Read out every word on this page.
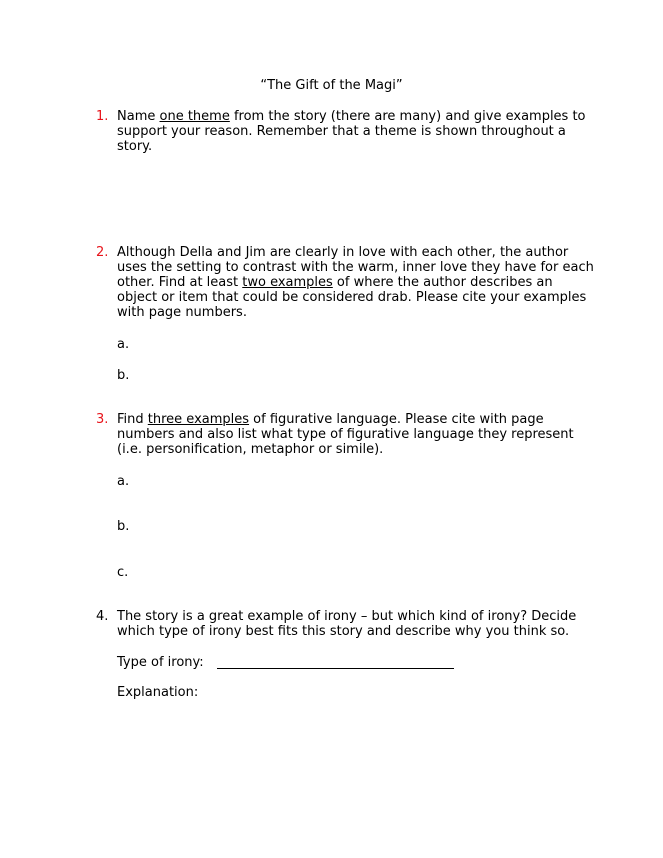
“The Gift of the Magi”
1. Name one theme from the story (there are many) and give examples to support your reason. Remember that a theme is shown throughout a story.
2. Although Della and Jim are clearly in love with each other, the author uses the setting to contrast with the warm, inner love they have for each other. Find at least two examples of where the author describes an object or item that could be considered drab. Please cite your examples with page numbers.
a.
b.
3. Find three examples of figurative language. Please cite with page numbers and also list what type of figurative language they represent (i.e. personification, metaphor or simile).
a.
b.
c.
4. The story is a great example of irony – but which kind of irony? Decide which type of irony best fits this story and describe why you think so.
Type of irony:
Explanation:
